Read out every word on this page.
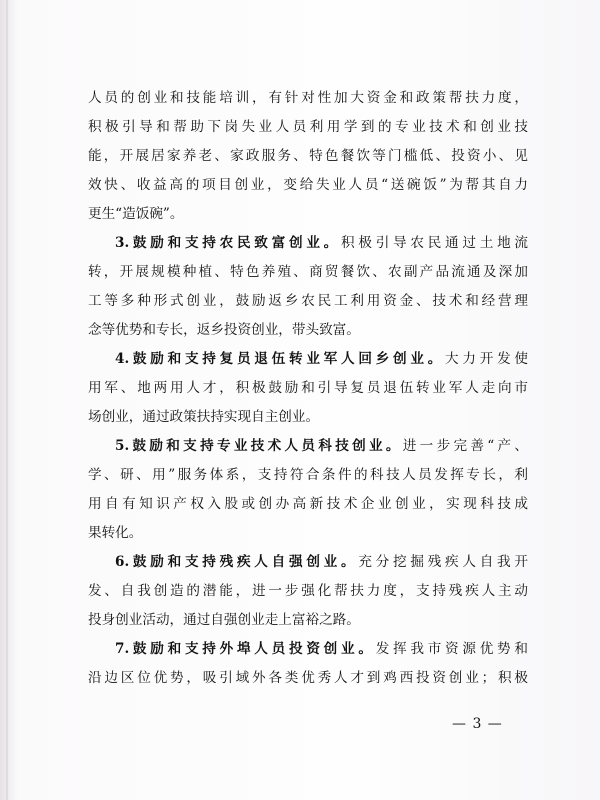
人员的创业和技能培训，有针对性加大资金和政策帮扶力度，
积极引导和帮助下岗失业人员利用学到的专业技术和创业技
能，开展居家养老、家政服务、特色餐饮等门槛低、投资小、见
效快、收益高的项目创业，变给失业人员“送碗饭”为帮其自力
更生“造饭碗”。
3.鼓励和支持农民致富创业。积极引导农民通过土地流
转，开展规模种植、特色养殖、商贸餐饮、农副产品流通及深加
工等多种形式创业，鼓励返乡农民工利用资金、技术和经营理
念等优势和专长，返乡投资创业，带头致富。
4.鼓励和支持复员退伍转业军人回乡创业。大力开发使
用军、地两用人才，积极鼓励和引导复员退伍转业军人走向市
场创业，通过政策扶持实现自主创业。
5.鼓励和支持专业技术人员科技创业。进一步完善“产、
学、研、用”服务体系，支持符合条件的科技人员发挥专长，利
用自有知识产权入股或创办高新技术企业创业，实现科技成
果转化。
6.鼓励和支持残疾人自强创业。充分挖掘残疾人自我开
发、自我创造的潜能，进一步强化帮扶力度，支持残疾人主动
投身创业活动，通过自强创业走上富裕之路。
7.鼓励和支持外埠人员投资创业。发挥我市资源优势和
沿边区位优势，吸引域外各类优秀人才到鸡西投资创业；积极
— 3 —
